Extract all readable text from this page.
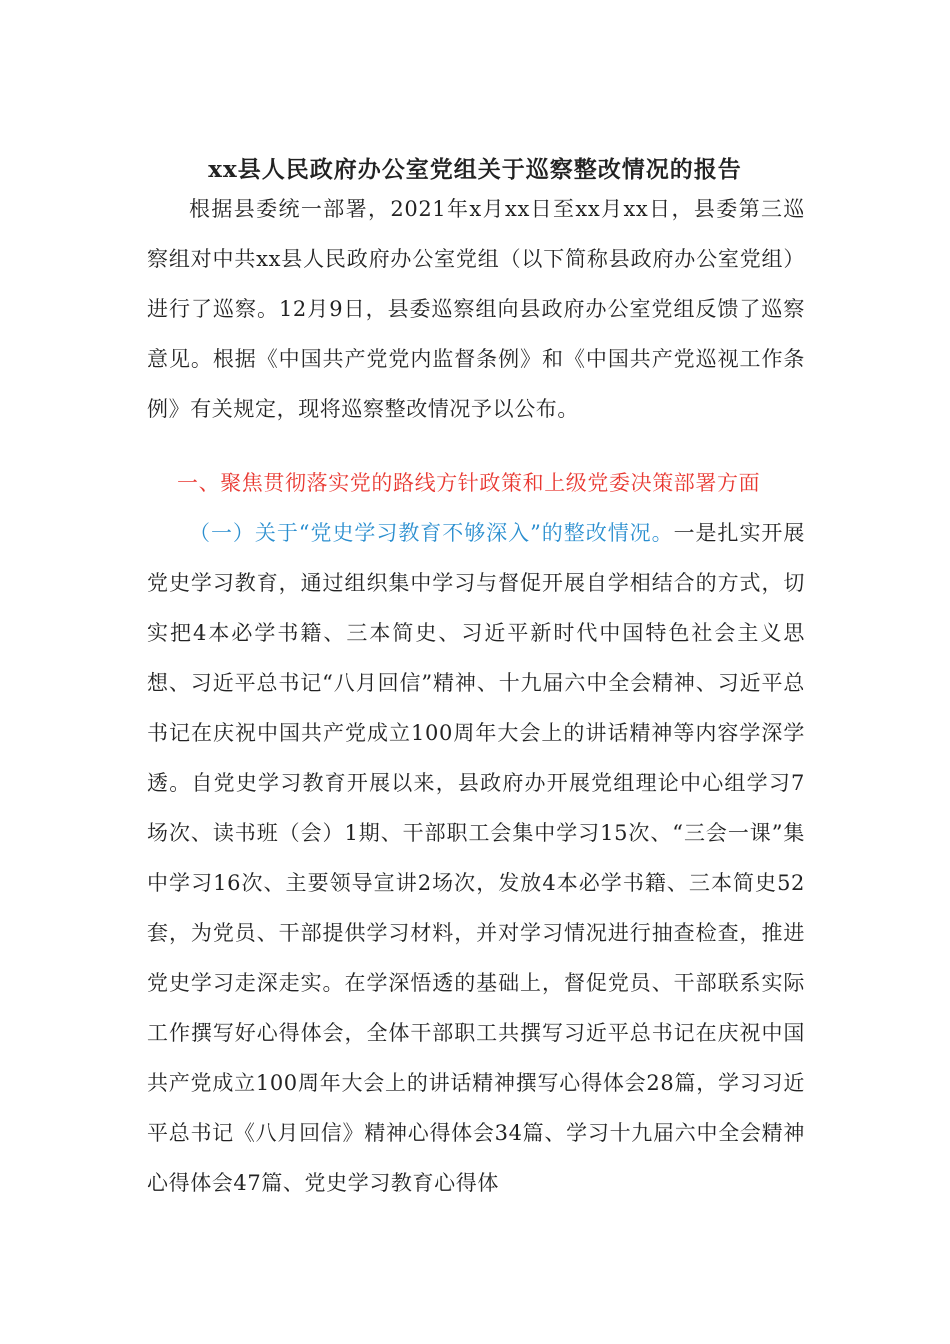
xx县人民政府办公室党组关于巡察整改情况的报告

根据县委统一部署，2021年x月xx日至xx月xx日，县委第三巡察组对中共xx县人民政府办公室党组（以下简称县政府办公室党组）进行了巡察。12月9日，县委巡察组向县政府办公室党组反馈了巡察意见。根据《中国共产党党内监督条例》和《中国共产党巡视工作条例》有关规定，现将巡察整改情况予以公布。

一、聚焦贯彻落实党的路线方针政策和上级党委决策部署方面

（一）关于“党史学习教育不够深入”的整改情况。一是扎实开展党史学习教育，通过组织集中学习与督促开展自学相结合的方式，切实把4本必学书籍、三本简史、习近平新时代中国特色社会主义思想、习近平总书记“八月回信”精神、十九届六中全会精神、习近平总书记在庆祝中国共产党成立100周年大会上的讲话精神等内容学深学透。自党史学习教育开展以来，县政府办开展党组理论中心组学习7场次、读书班（会）1期、干部职工会集中学习15次、“三会一课”集中学习16次、主要领导宣讲2场次，发放4本必学书籍、三本简史52套，为党员、干部提供学习材料，并对学习情况进行抽查检查，推进党史学习走深走实。在学深悟透的基础上，督促党员、干部联系实际工作撰写好心得体会，全体干部职工共撰写习近平总书记在庆祝中国共产党成立100周年大会上的讲话精神撰写心得体会28篇，学习习近平总书记《八月回信》精神心得体会34篇、学习十九届六中全会精神心得体会47篇、党史学习教育心得体
